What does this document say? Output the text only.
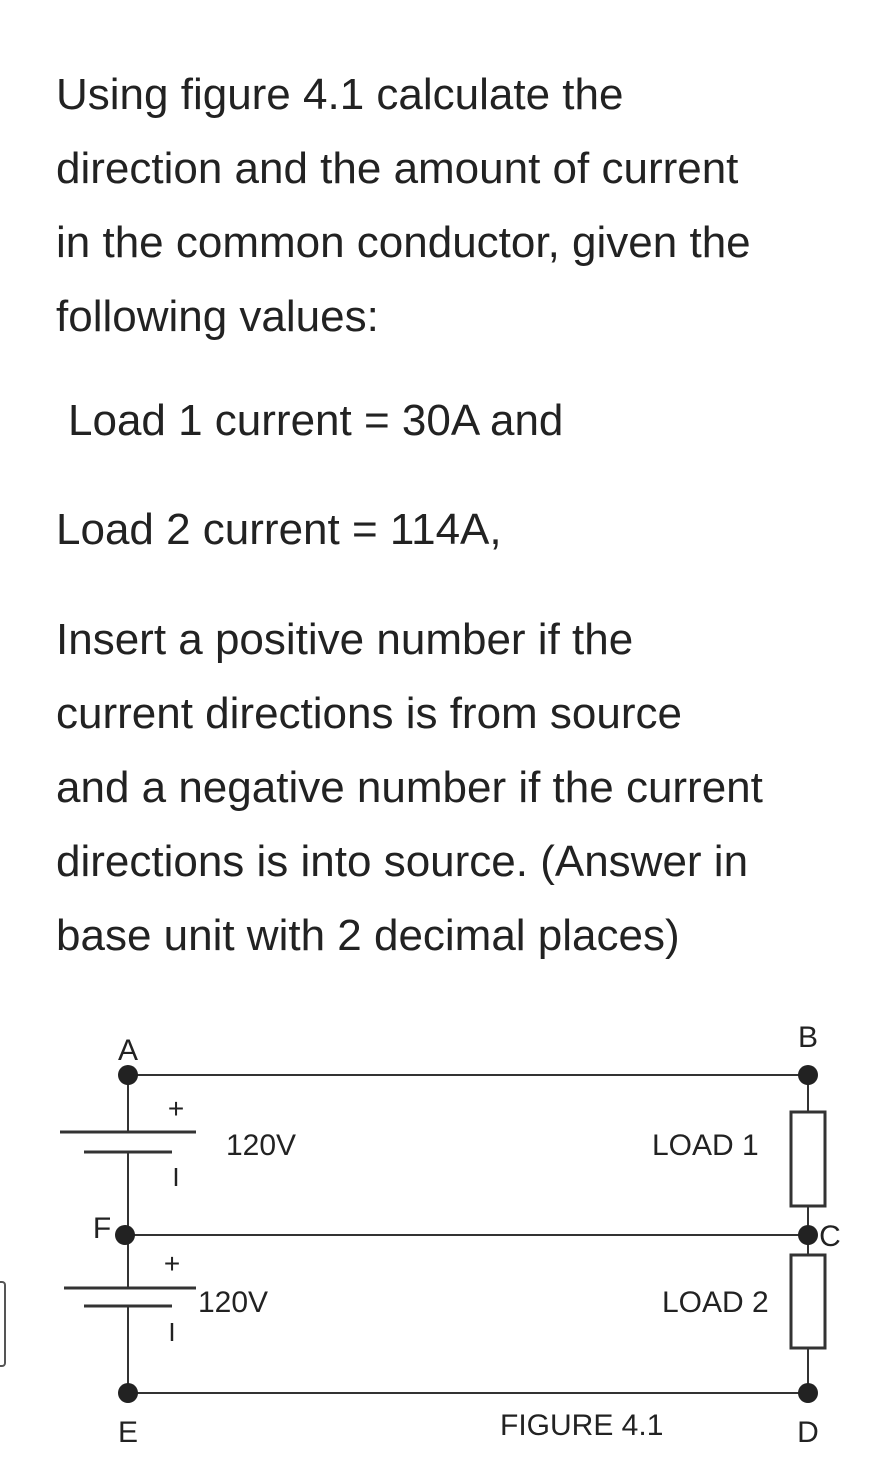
Using figure 4.1 calculate the
direction and the amount of current
in the common conductor, given the
following values:

Load 1 current = 30A and

Load 2 current = 114A,

Insert a positive number if the
current directions is from source
and a negative number if the current
directions is into source. (Answer in
base unit with 2 decimal places)

A	B
C
D
E
F
+
I
120V
+
I
120V
LOAD 1
LOAD 2
FIGURE 4.1
